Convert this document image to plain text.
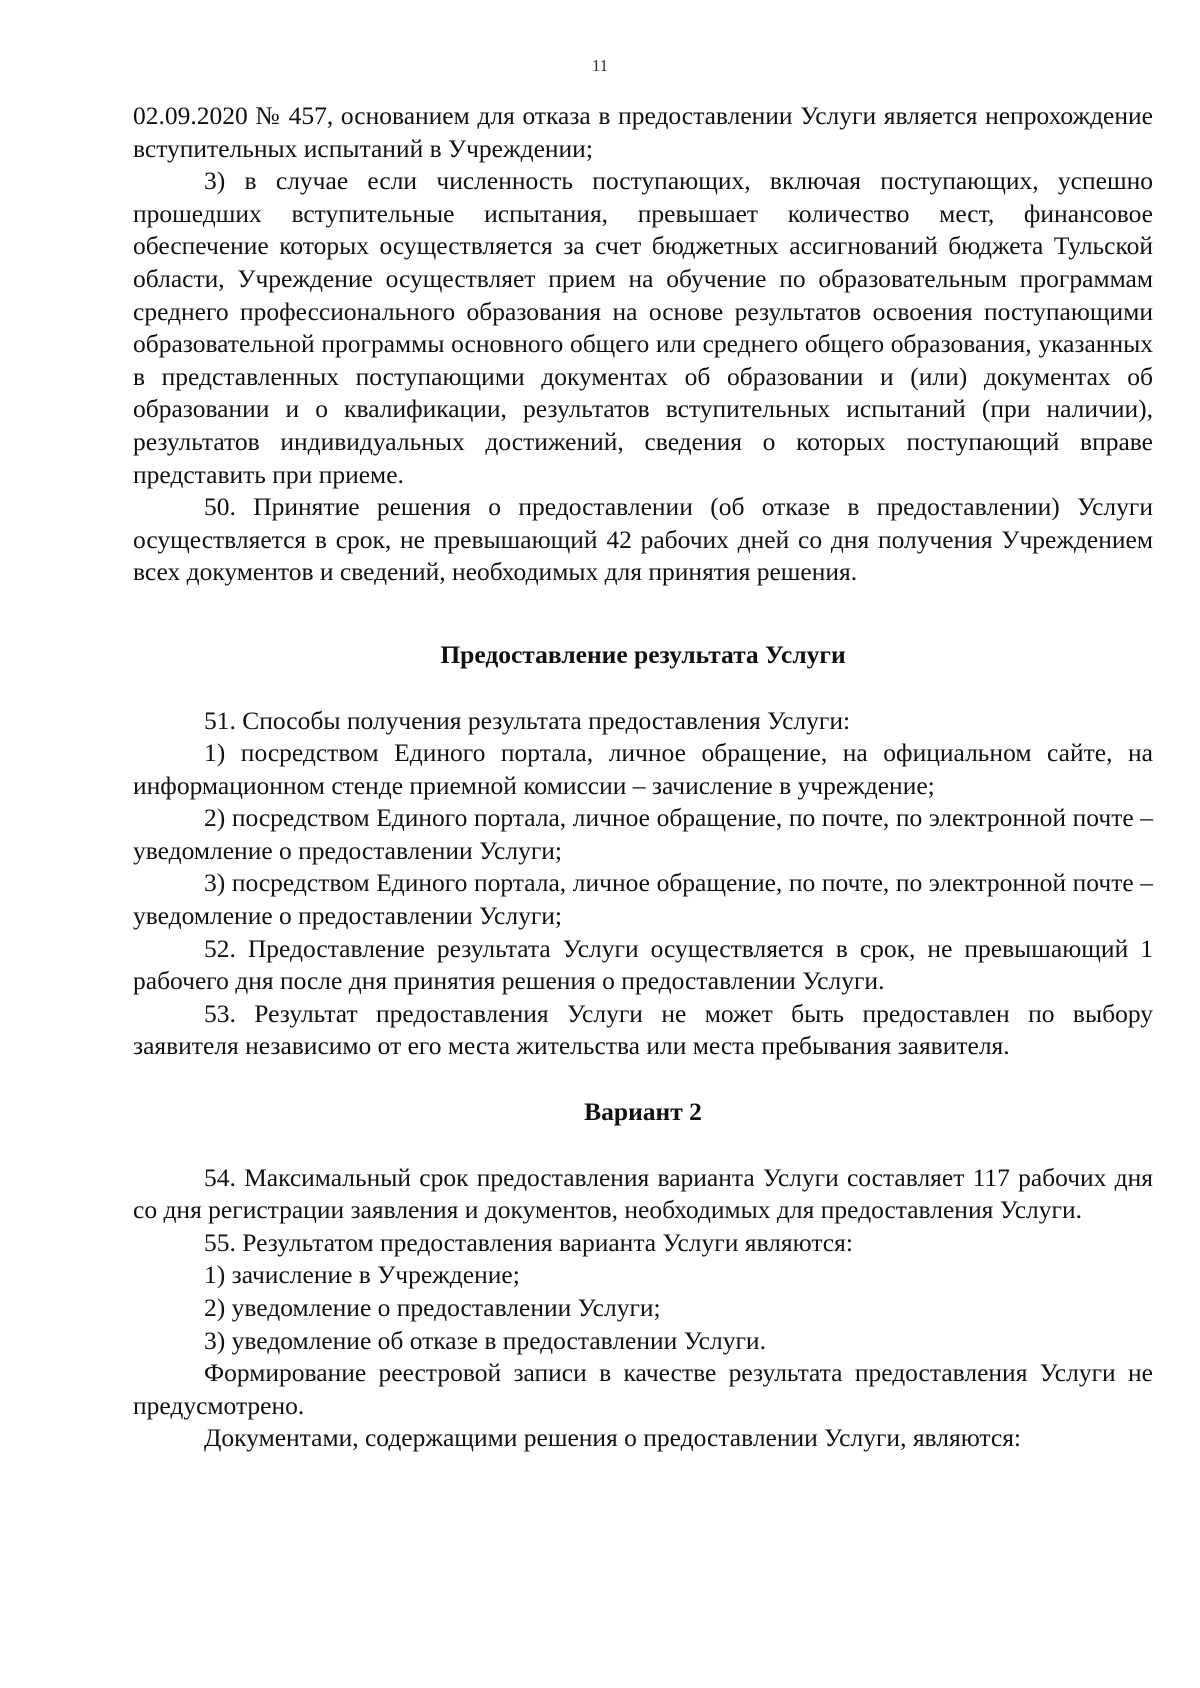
11

02.09.2020 № 457, основанием для отказа в предоставлении Услуги является непрохождение вступительных испытаний в Учреждении;

3) в случае если численность поступающих, включая поступающих, успешно прошедших вступительные испытания, превышает количество мест, финансовое обеспечение которых осуществляется за счет бюджетных ассигнований бюджета Тульской области, Учреждение осуществляет прием на обучение по образовательным программам среднего профессионального образования на основе результатов освоения поступающими образовательной программы основного общего или среднего общего образования, указанных в представленных поступающими документах об образовании и (или) документах об образовании и о квалификации, результатов вступительных испытаний (при наличии), результатов индивидуальных достижений, сведения о которых поступающий вправе представить при приеме.

50. Принятие решения о предоставлении (об отказе в предоставлении) Услуги осуществляется в срок, не превышающий 42 рабочих дней со дня получения Учреждением всех документов и сведений, необходимых для принятия решения.

Предоставление результата Услуги

51. Способы получения результата предоставления Услуги:

1) посредством Единого портала, личное обращение, на официальном сайте, на информационном стенде приемной комиссии – зачисление в учреждение;

2) посредством Единого портала, личное обращение, по почте, по электронной почте – уведомление о предоставлении Услуги;

3) посредством Единого портала, личное обращение, по почте, по электронной почте – уведомление о предоставлении Услуги;

52. Предоставление результата Услуги осуществляется в срок, не превышающий 1 рабочего дня после дня принятия решения о предоставлении Услуги.

53. Результат предоставления Услуги не может быть предоставлен по выбору заявителя независимо от его места жительства или места пребывания заявителя.

Вариант 2

54. Максимальный срок предоставления варианта Услуги составляет 117 рабочих дня со дня регистрации заявления и документов, необходимых для предоставления Услуги.

55. Результатом предоставления варианта Услуги являются:

1) зачисление в Учреждение;

2) уведомление о предоставлении Услуги;

3) уведомление об отказе в предоставлении Услуги.

Формирование реестровой записи в качестве результата предоставления Услуги не предусмотрено.

Документами, содержащими решения о предоставлении Услуги, являются:
